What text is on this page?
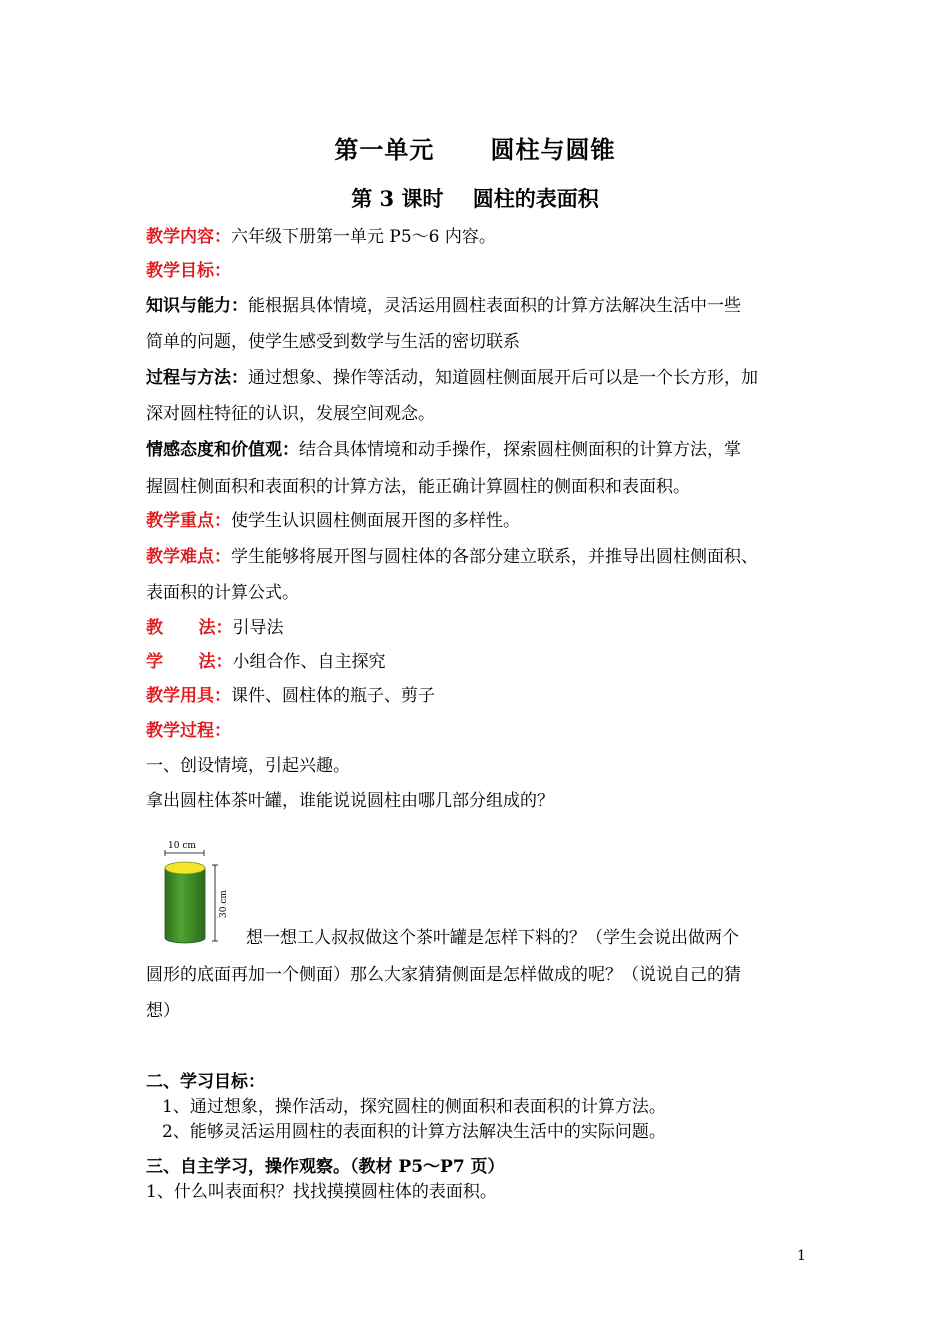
第一单元      圆柱与圆锥
第 3 课时    圆柱的表面积
教学内容：六年级下册第一单元 P5～6 内容。
教学目标：
知识与能力：能根据具体情境，灵活运用圆柱表面积的计算方法解决生活中一些
简单的问题，使学生感受到数学与生活的密切联系
过程与方法：通过想象、操作等活动，知道圆柱侧面展开后可以是一个长方形，加
深对圆柱特征的认识，发展空间观念。
情感态度和价值观：结合具体情境和动手操作，探索圆柱侧面积的计算方法，掌
握圆柱侧面积和表面积的计算方法，能正确计算圆柱的侧面积和表面积。
教学重点：使学生认识圆柱侧面展开图的多样性。
教学难点：学生能够将展开图与圆柱体的各部分建立联系，并推导出圆柱侧面积、
表面积的计算公式。
教      法：引导法
学      法：小组合作、自主探究
教学用具：课件、圆柱体的瓶子、剪子
教学过程：
一、创设情境，引起兴趣。
拿出圆柱体茶叶罐，谁能说说圆柱由哪几部分组成的？
10 cm
30 cm
想一想工人叔叔做这个茶叶罐是怎样下料的？（学生会说出做两个
圆形的底面再加一个侧面）那么大家猜猜侧面是怎样做成的呢？（说说自己的猜
想）
二、学习目标：
1、通过想象，操作活动，探究圆柱的侧面积和表面积的计算方法。
2、能够灵活运用圆柱的表面积的计算方法解决生活中的实际问题。
三、自主学习，操作观察。（教材 P5～P7 页）
1、什么叫表面积？找找摸摸圆柱体的表面积。
1
